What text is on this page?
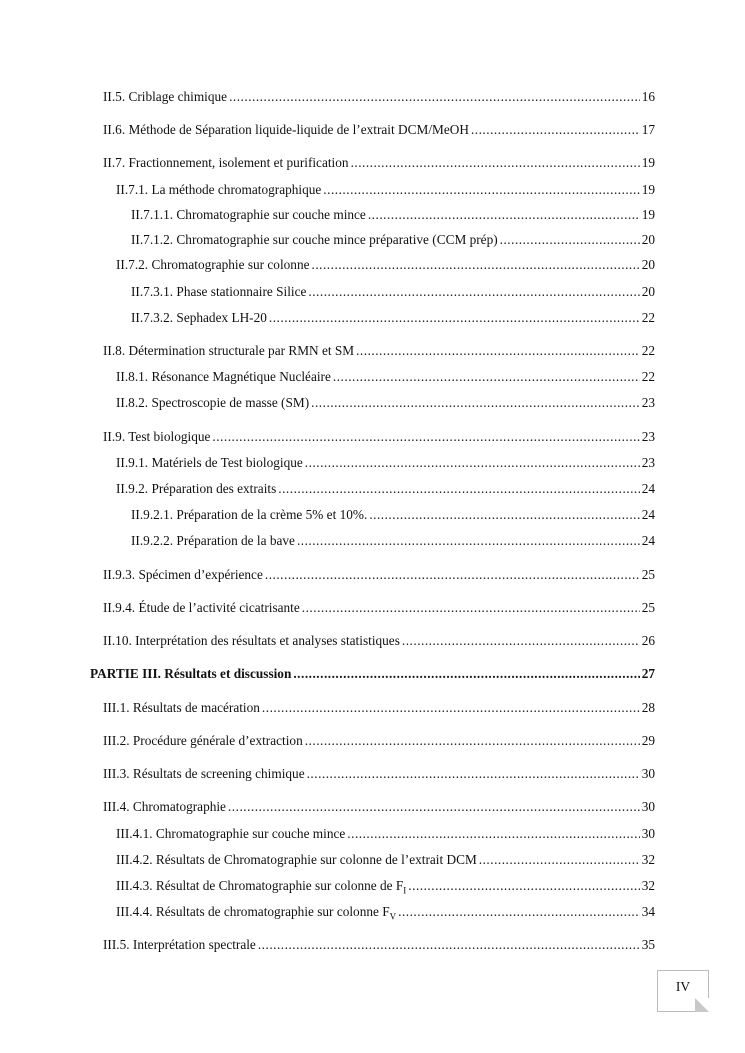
II.5. Criblage chimique .....	16
II.6. Méthode de Séparation liquide-liquide de l’extrait DCM/MeOH .....	17
II.7. Fractionnement, isolement et purification .....	19
II.7.1. La méthode chromatographique .....	19
II.7.1.1. Chromatographie sur couche mince .....	19
II.7.1.2. Chromatographie sur couche mince préparative (CCM prép) .....	20
II.7.2. Chromatographie sur colonne .....	20
II.7.3.1. Phase stationnaire Silice .....	20
II.7.3.2. Sephadex LH-20 .....	22
II.8. Détermination structurale par RMN et SM .....	22
II.8.1. Résonance Magnétique Nucléaire .....	22
II.8.2. Spectroscopie de masse (SM) .....	23
II.9. Test biologique .....	23
II.9.1. Matériels de Test biologique .....	23
II.9.2. Préparation des extraits .....	24
II.9.2.1. Préparation de la crème 5% et 10%. .....	24
II.9.2.2. Préparation de la bave .....	24
II.9.3. Spécimen d’expérience .....	25
II.9.4. Étude de l’activité cicatrisante .....	25
II.10. Interprétation des résultats et analyses statistiques .....	26
PARTIE III. Résultats et discussion .....	27
III.1. Résultats de macération .....	28
III.2. Procédure générale d’extraction .....	29
III.3. Résultats de screening chimique .....	30
III.4. Chromatographie .....	30
III.4.1. Chromatographie sur couche mince .....	30
III.4.2. Résultats de Chromatographie sur colonne de l’extrait DCM .....	32
III.4.3. Résultat de Chromatographie sur colonne de $F_I$ .....	32
III.4.4. Résultats de chromatographie sur colonne $F_V$ .....	34
III.5. Interprétation spectrale .....	35
IV
